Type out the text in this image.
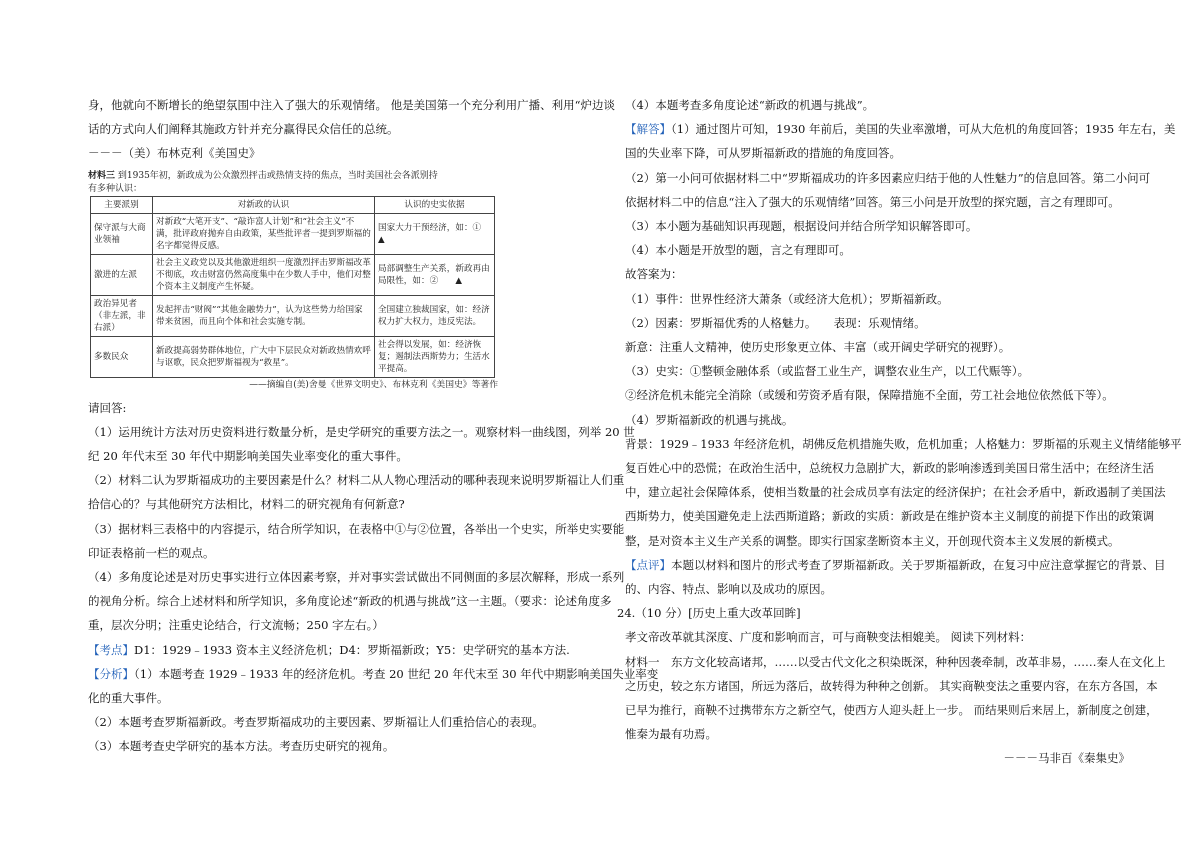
身，他就向不断增长的绝望氛围中注入了强大的乐观情绪。 他是美国第一个充分利用广播、利用“炉边谈

话的方式向人们阐释其施政方针并充分赢得民众信任的总统。

－－－（美）布林克利《美国史》

材料三 到1935年初，新政成为公众激烈抨击或热情支持的焦点，当时美国社会各派别持
有多种认识：
主要派别	对新政的认识	认识的史实依据
保守派与大商业领袖	对新政“大笔开支”、“敲诈富人计划”和“社会主义”不满，批评政府抛弃自由政策，某些批评者一提到罗斯福的名字都觉得反感。	国家大力干预经济，如：①　　▲　　　
激进的左派	社会主义政党以及其他激进组织一度激烈抨击罗斯福改革不彻底，攻击财富仍然高度集中在少数人手中，他们对整个资本主义制度产生怀疑。	局部调整生产关系，新政再由局限性，如：②　　▲　　　
政治异见者（非左派，非右派）	发起抨击“财阀”“其他金融势力”，认为这些势力给国家带来贫困，而且向个体和社会实施专制。	全国建立独裁国家，如：经济权力扩大权力，违反宪法。
多数民众	新政提高弱势群体地位，广大中下层民众对新政热情欢呼与讴歌，民众把罗斯福视为“救星”。	社会得以发展，如：经济恢复；遏制法西斯势力；生活水平提高。
——摘编自(美)舍曼《世界文明史》、布林克利《美国史》等著作

请回答:

（1）运用统计方法对历史资料进行数量分析，是史学研究的重要方法之一。观察材料一曲线图，列举 20 世

纪 20 年代末至 30 年代中期影响美国失业率变化的重大事件。

（2）材料二认为罗斯福成功的主要因素是什么？材料二从人物心理活动的哪种表现来说明罗斯福让人们重

拾信心的？与其他研究方法相比，材料二的研究视角有何新意?

（3）据材料三表格中的内容提示，结合所学知识，在表格中①与②位置，各举出一个史实，所举史实要能

印证表格前一栏的观点。

（4）多角度论述是对历史事实进行立体因素考察，并对事实尝试做出不同侧面的多层次解释，形成一系列

的视角分析。综合上述材料和所学知识，多角度论述“新政的机遇与挑战”这一主题。（要求：论述角度多

重，层次分明；注重史论结合，行文流畅；250 字左右。）

【考点】D1：1929﹣1933 资本主义经济危机；D4：罗斯福新政；Y5：史学研究的基本方法.

【分析】（1）本题考查 1929﹣1933 年的经济危机。考查 20 世纪 20 年代末至 30 年代中期影响美国失业率变

化的重大事件。

（2）本题考查罗斯福新政。考查罗斯福成功的主要因素、罗斯福让人们重拾信心的表现。

（3）本题考查史学研究的基本方法。考查历史研究的视角。

（4）本题考查多角度论述“新政的机遇与挑战”。

【解答】（1）通过图片可知，1930 年前后，美国的失业率激增，可从大危机的角度回答；1935 年左右，美

国的失业率下降，可从罗斯福新政的措施的角度回答。

（2）第一小问可依据材料二中“罗斯福成功的许多因素应归结于他的人性魅力”的信息回答。第二小问可

依据材料二中的信息“注入了强大的乐观情绪”回答。第三小问是开放型的探究题，言之有理即可。

（3）本小题为基础知识再现题，根据设问并结合所学知识解答即可。

（4）本小题是开放型的题，言之有理即可。

故答案为：

（1）事件：世界性经济大萧条（或经济大危机）；罗斯福新政。

（2）因素：罗斯福优秀的人格魅力。　　表现：乐观情绪。

新意：注重人文精神，使历史形象更立体、丰富（或开阔史学研究的视野）。

（3）史实：①整顿金融体系（或监督工业生产，调整农业生产，以工代赈等）。

②经济危机未能完全消除（或缓和劳资矛盾有限，保障措施不全面，劳工社会地位依然低下等）。

（4）罗斯福新政的机遇与挑战。

背景：1929﹣1933 年经济危机，胡佛反危机措施失败，危机加重；人格魅力：罗斯福的乐观主义情绪能够平

复百姓心中的恐慌；在政治生活中，总统权力急剧扩大，新政的影响渗透到美国日常生活中；在经济生活

中，建立起社会保障体系，使相当数量的社会成员享有法定的经济保护；在社会矛盾中，新政遏制了美国法

西斯势力，使美国避免走上法西斯道路；新政的实质：新政是在维护资本主义制度的前提下作出的政策调

整，是对资本主义生产关系的调整。即实行国家垄断资本主义，开创现代资本主义发展的新模式。

【点评】本题以材料和图片的形式考查了罗斯福新政。关于罗斯福新政，在复习中应注意掌握它的背景、目

的、内容、特点、影响以及成功的原因。

24.（10 分）[历史上重大改革回眸]

孝文帝改革就其深度、广度和影响而言，可与商鞅变法相媲美。 阅读下列材料：

材料一　东方文化较高诸邦，……以受古代文化之积染既深，种种因袭牵制，改革非易，……秦人在文化上

之历史，较之东方诸国，所远为落后，故转得为种种之创新。 其实商鞅变法之重要内容，在东方各国，本

已早为推行，商鞅不过携带东方之新空气，使西方人迎头赶上一步。 而结果则后来居上，新制度之创建，

惟秦为最有功焉。

－－－马非百《秦集史》
